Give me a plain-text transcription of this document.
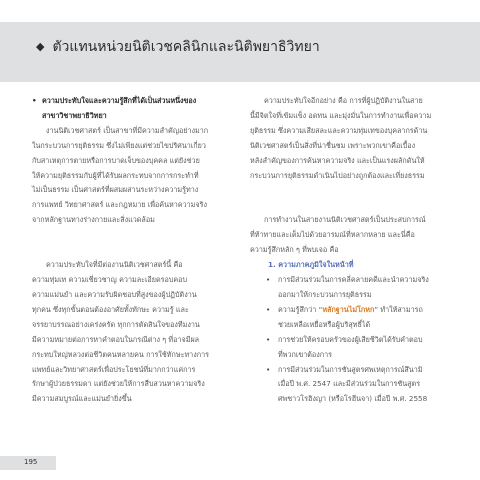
◆ ตัวแทนหน่วยนิติเวชคลินิกและนิติพยาธิวิทยา

• ความประทับใจและความรู้สึกที่ได้เป็นส่วนหนึ่งของ

สาขาวิชาพยาธิวิทยา

งานนิติเวชศาสตร์ เป็นสาขาที่มีความสำคัญอย่างมาก

ในกระบวนการยุติธรรม ซึ่งไม่เพียงแต่ช่วยไขปริศนาเกี่ยว

กับสาเหตุการตายหรือการบาดเจ็บของบุคคล แต่ยังช่วย

ให้ความยุติธรรมกับผู้ที่ได้รับผลกระทบจากการกระทำที่

ไม่เป็นธรรม เป็นศาสตร์ที่ผสมผสานระหว่างความรู้ทาง

การแพทย์ วิทยาศาสตร์ และกฎหมาย เพื่อค้นหาความจริง

จากหลักฐานทางร่างกายและสิ่งแวดล้อม

ความประทับใจที่มีต่องานนิติเวชศาสตร์นี้ คือ

ความทุ่มเท ความเชี่ยวชาญ ความละเอียดรอบคอบ

ความแม่นยำ และความรับผิดชอบที่สูงของผู้ปฏิบัติงาน

ทุกคน ซึ่งทุกขั้นตอนต้องอาศัยทั้งทักษะ ความรู้ และ

จรรยาบรรณอย่างเคร่งครัด ทุกการตัดสินใจของทีมงาน

มีความหมายต่อการหาคำตอบในกรณีต่าง ๆ ที่อาจมีผล

กระทบใหญ่หลวงต่อชีวิตคนหลายคน การใช้ทักษะทางการ

แพทย์และวิทยาศาสตร์เพื่อประโยชน์ที่มากกว่าแค่การ

รักษาผู้ป่วยธรรมดา แต่ยังช่วยให้การสืบสวนหาความจริง

มีความสมบูรณ์และแม่นยำยิ่งขึ้น

ความประทับใจอีกอย่าง คือ การที่ผู้ปฏิบัติงานในสาย

นี้มีจิตใจที่เข้มแข็ง อดทน และมุ่งมั่นในการทำงานเพื่อความ

ยุติธรรม ซึ่งความเสียสละและความทุ่มเทของบุคลากรด้าน

นิติเวชศาสตร์เป็นสิ่งที่น่าชื่นชม เพราะพวกเขาคือเบื้อง

หลังสำคัญของการค้นหาความจริง และเป็นแรงผลักดันให้

กระบวนการยุติธรรมดำเนินไปอย่างถูกต้องและเที่ยงธรรม

การทำงานในสายงานนิติเวชศาสตร์เป็นประสบการณ์

ที่ท้าทายและเต็มไปด้วยอารมณ์ที่หลากหลาย และนี่คือ

ความรู้สึกหลัก ๆ ที่พบเจอ คือ

1. ความภาคภูมิใจในหน้าที่

• การมีส่วนร่วมในการคลี่คลายคดีและนำความจริง
ออกมาให้กระบวนการยุติธรรม
• ความรู้สึกว่า “หลักฐานไม่โกหก” ทำให้สามารถ
ช่วยเหลือเหยื่อหรือผู้บริสุทธิ์ได้
• การช่วยให้ครอบครัวของผู้เสียชีวิตได้รับคำตอบ
ที่พวกเขาต้องการ
• การมีส่วนร่วมในการชันสูตรศพเหตุการณ์สึนามิ
เมื่อปี พ.ศ. 2547 และมีส่วนร่วมในการชันสูตร
ศพชาวโรฮิงญา (หรือโรฮีนจา) เมื่อปี พ.ศ. 2558
195
